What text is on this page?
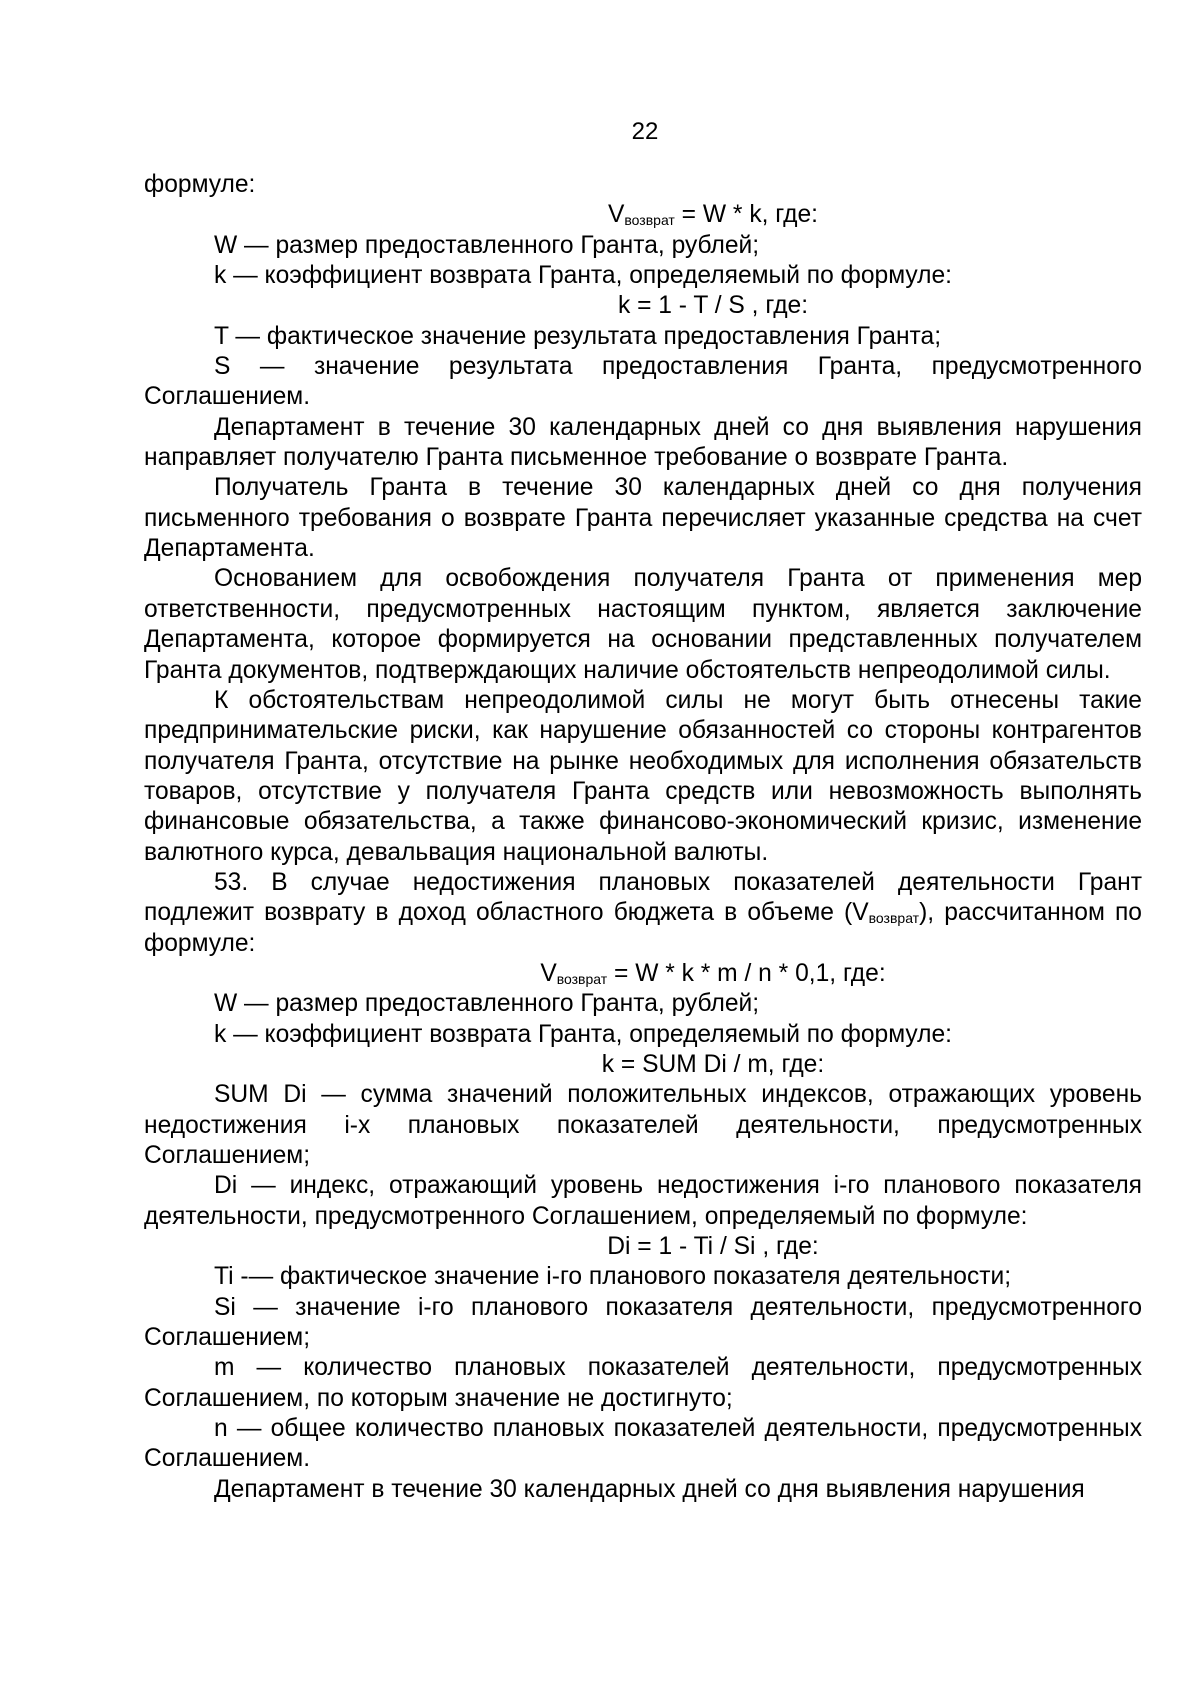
22

формуле:

$V_{возврат} = W * k$, где:

W — размер предоставленного Гранта, рублей;

k — коэффициент возврата Гранта, определяемый по формуле:

k = 1 - T / S , где:

T — фактическое значение результата предоставления Гранта;

S — значение результата предоставления Гранта, предусмотренного Соглашением.

Департамент в течение 30 календарных дней со дня выявления нарушения направляет получателю Гранта письменное требование о возврате Гранта.

Получатель Гранта в течение 30 календарных дней со дня получения письменного требования о возврате Гранта перечисляет указанные средства на счет Департамента.

Основанием для освобождения получателя Гранта от применения мер ответственности, предусмотренных настоящим пунктом, является заключение Департамента, которое формируется на основании представленных получателем Гранта документов, подтверждающих наличие обстоятельств непреодолимой силы.

К обстоятельствам непреодолимой силы не могут быть отнесены такие предпринимательские риски, как нарушение обязанностей со стороны контрагентов получателя Гранта, отсутствие на рынке необходимых для исполнения обязательств товаров, отсутствие у получателя Гранта средств или невозможность выполнять финансовые обязательства, а также финансово-экономический кризис, изменение валютного курса, девальвация национальной валюты.

53. В случае недостижения плановых показателей деятельности Грант подлежит возврату в доход областного бюджета в объеме $(V_{возврат})$, рассчитанном по формуле:

$V_{возврат} = W * k * m / n * 0,1$, где:

W — размер предоставленного Гранта, рублей;

k — коэффициент возврата Гранта, определяемый по формуле:

k = SUM Di / m, где:

SUM Di — сумма значений положительных индексов, отражающих уровень недостижения i-х плановых показателей деятельности, предусмотренных Соглашением;

Di — индекс, отражающий уровень недостижения i-го планового показателя деятельности, предусмотренного Соглашением, определяемый по формуле:

Di = 1 - Ti / Si , где:

Ti -— фактическое значение i-го планового показателя деятельности;

Si — значение i-го планового показателя деятельности, предусмотренного Соглашением;

m — количество плановых показателей деятельности, предусмотренных Соглашением, по которым значение не достигнуто;

n — общее количество плановых показателей деятельности, предусмотренных Соглашением.

Департамент в течение 30 календарных дней со дня выявления нарушения
